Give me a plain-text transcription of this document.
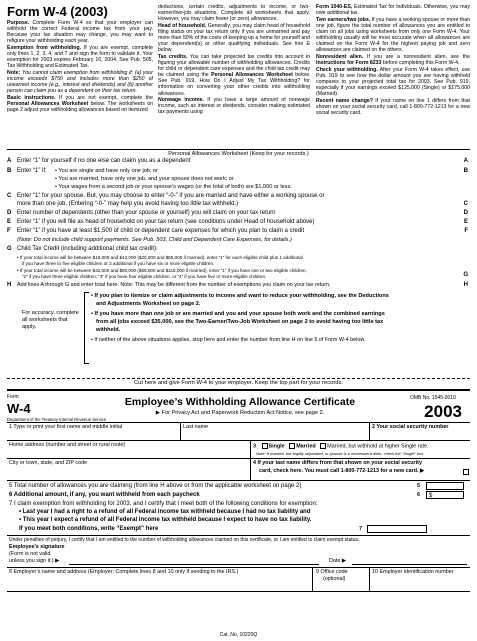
Form W-4 (2003)

Purpose. Complete Form W-4 so that your employer can withhold the correct Federal income tax from your pay. Because your tax situation may change, you may want to refigure your withholding each year.

Exemption from withholding. If you are exempt, complete only lines 1, 2, 3, 4, and 7 and sign the form to validate it. Your exemption for 2003 expires February 16, 2004. See Pub. 505, Tax Withholding and Estimated Tax.

Note: You cannot claim exemption from withholding if: (a) your income exceeds $750 and includes more than $250 of unearned income (e.g., interest and dividends) and (b) another person can claim you as a dependent on their tax return.

Basic instructions. If you are not exempt, complete the Personal Allowances Worksheet below. The worksheets on page 2 adjust your withholding allowances based on itemized

deductions, certain credits, adjustments to income, or two-earner/two-job situations. Complete all worksheets that apply. However, you may claim fewer (or zero) allowances.

Head of household. Generally, you may claim head of household filing status on your tax return only if you are unmarried and pay more than 50% of the costs of keeping up a home for yourself and your dependent(s) or other qualifying individuals. See line E below.

Tax credits. You can take projected tax credits into account in figuring your allowable number of withholding allowances. Credits for child or dependent care expenses and the child tax credit may be claimed using the Personal Allowances Worksheet below. See Pub. 919, How Do I Adjust My Tax Withholding? for information on converting your other credits into withholding allowances.

Nonwage income. If you have a large amount of nonwage income, such as interest or dividends, consider making estimated tax payments using

Form 1040-ES, Estimated Tax for Individuals. Otherwise, you may owe additional tax.

Two earners/two jobs. If you have a working spouse or more than one job, figure the total number of allowances you are entitled to claim on all jobs using worksheets from only one Form W-4. Your withholding usually will be most accurate when all allowances are claimed on the Form W-4 for the highest paying job and zero allowances are claimed on the others.

Nonresident alien. If you are a nonresident alien, see the Instructions for Form 8233 before completing this Form W-4.

Check your withholding. After your Form W-4 takes effect, use Pub. 919 to see how the dollar amount you are having withheld compares to your projected total tax for 2003. See Pub. 919, especially if your earnings exceed $125,000 (Single) or $175,000 (Married).

Recent name change? If your name on line 1 differs from that shown on your social security card, call 1-800-772-1213 for a new social security card.

Personal Allowances Worksheet (Keep for your records.)
A Enter “1” for yourself if no one else can claim you as a dependent	A
B Enter “1” if:	B
• You are single and have only one job; or
• You are married, have only one job, and your spouse does not work; or
• Your wages from a second job or your spouse’s wages (or the total of both) are $1,000 or less.
C Enter “1” for your spouse. But, you may choose to enter “-0-” if you are married and have either a working spouse or
more than one job. (Entering “-0-” may help you avoid having too little tax withheld.)	C
D Enter number of dependents (other than your spouse or yourself) you will claim on your tax return	D
E Enter “1” if you will file as head of household on your tax return (see conditions under Head of household above)	E
F Enter “1” if you have at least $1,500 of child or dependent care expenses for which you plan to claim a credit	F
(Note: Do not include child support payments. See Pub. 503, Child and Dependent Care Expenses, for details.)
G Child Tax Credit (including additional child tax credit):
• If your total income will be between $15,000 and $42,000 ($20,000 and $65,000 if married), enter “1” for each eligible child plus 1 additional
if you have three to five eligible children or 2 additional if you have six or more eligible children.
• If your total income will be between $42,000 and $80,000 ($65,000 and $115,000 if married), enter “1” if you have one or two eligible children,
“2” if you have three eligible children, “3” if you have four eligible children, or “4” if you have five or more eligible children.	G
H Add lines A through G and enter total here. Note: This may be different from the number of exemptions you claim on your tax return.	H
For accuracy, complete all worksheets that apply.
• If you plan to itemize or claim adjustments to income and want to reduce your withholding, see the Deductions
and Adjustments Worksheet on page 2.
• If you have more than one job or are married and you and your spouse both work and the combined earnings
from all jobs exceed $35,000, see the Two-Earner/Two-Job Worksheet on page 2 to avoid having too little tax
withheld.
• If neither of the above situations applies, stop here and enter the number from line H on line 5 of Form W-4 below.
Cut here and give Form W-4 to your employer. Keep the top part for your records.
Form
W-4
Department of the Treasury Internal Revenue Service
Employee’s Withholding Allowance Certificate
▶ For Privacy Act and Paperwork Reduction Act Notice, see page 2.
OMB No. 1545-0010
2003
1 Type or print your first name and middle initial	Last name	2 Your social security number
Home address (number and street or rural route)	3 Single Married Married, but withhold at higher Single rate.
Note: If married, but legally separated, or spouse is a nonresident alien, check the “Single” box.
City or town, state, and ZIP code	4 If your last name differs from that shown on your social security
card, check here. You must call 1-800-772-1213 for a new card. ▶
5 Total number of allowances you are claiming (from line H above or from the applicable worksheet on page 2)	5
6 Additional amount, if any, you want withheld from each paycheck	6	$
7 I claim exemption from withholding for 2003, and I certify that I meet both of the following conditions for exemption:
• Last year I had a right to a refund of all Federal income tax withheld because I had no tax liability and
• This year I expect a refund of all Federal income tax withheld because I expect to have no tax liability.
If you meet both conditions, write “Exempt” here	7
Under penalties of perjury, I certify that I am entitled to the number of withholding allowances claimed on this certificate, or I am entitled to claim exempt status.
Employee’s signature
(Form is not valid
unless you sign it.) ▶	Date ▶
8 Employer’s name and address (Employer: Complete lines 8 and 10 only if sending to the IRS.)	9 Office code
(optional)
10 Employer identification number
Cat. No. 10220Q
